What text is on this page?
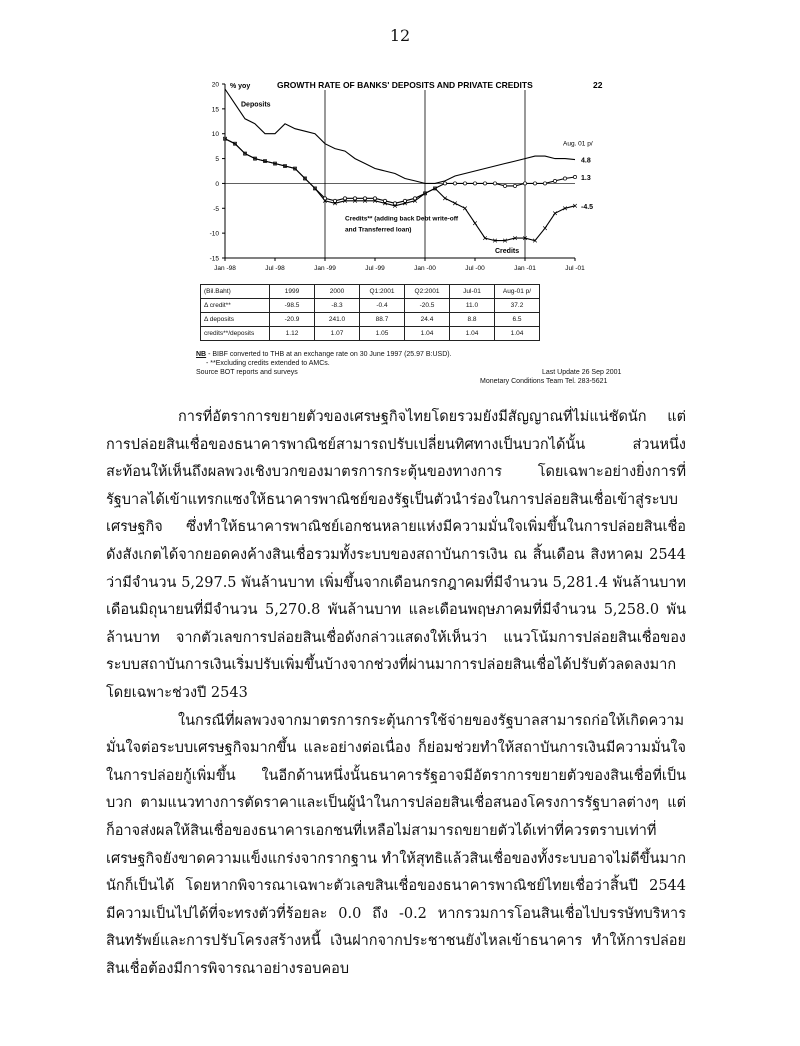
12
20
15
10
5
0
-5
-10
-15
Jan -98	Jul -98	Jan -99	Jul -99	Jan -00	Jul -00	Jan -01	Jul -01
% yoy	GROWTH RATE OF BANKS' DEPOSITS AND PRIVATE CREDITS	22
Aug. 01 p/
4.8
1.3
-4.5
Deposits
Credits** (adding back Debt write-off
and Transferred loan)
Credits
(Bil.Baht)	1999	2000	Q1:2001	Q2:2001	Jul-01	Aug-01 p/
Δ credit**	-98.5	-8.3	-0.4	-20.5	11.0	37.2
Δ deposits	-20.9	241.0	88.7	24.4	8.8	6.5
credits**/deposits	1.12	1.07	1.05	1.04	1.04	1.04
NB - BIBF converted to THB at an exchange rate on 30 June 1997 (25.97 B:USD).
- **Excluding credits extended to AMCs.
Source BOT reports and surveys	Last Update 26 Sep 2001
Monetary Conditions Team Tel. 283-5621

การที่อัตราการขยายตัวของเศรษฐกิจไทยโดยรวมยังมีสัญญาณที่ไม่แน่ชัดนัก แต่การปล่อยสินเชื่อของธนาคารพาณิชย์สามารถปรับเปลี่ยนทิศทางเป็นบวกได้นั้น ส่วนหนึ่งสะท้อนให้เห็นถึงผลพวงเชิงบวกของมาตรการกระตุ้นของทางการ โดยเฉพาะอย่างยิ่งการที่รัฐบาลได้เข้าแทรกแซงให้ธนาคารพาณิชย์ของรัฐเป็นตัวนำร่องในการปล่อยสินเชื่อเข้าสู่ระบบเศรษฐกิจ ซึ่งทำให้ธนาคารพาณิชย์เอกชนหลายแห่งมีความมั่นใจเพิ่มขึ้นในการปล่อยสินเชื่อ ดังสังเกตได้จากยอดคงค้างสินเชื่อรวมทั้งระบบของสถาบันการเงิน ณ สิ้นเดือน สิงหาคม 2544 ว่ามีจำนวน 5,297.5 พันล้านบาท เพิ่มขึ้นจากเดือนกรกฎาคมที่มีจำนวน 5,281.4 พันล้านบาท เดือนมิถุนายนที่มีจำนวน 5,270.8 พันล้านบาท และเดือนพฤษภาคมที่มีจำนวน 5,258.0 พันล้านบาท จากตัวเลขการปล่อยสินเชื่อดังกล่าวแสดงให้เห็นว่า แนวโน้มการปล่อยสินเชื่อของระบบสถาบันการเงินเริ่มปรับเพิ่มขึ้นบ้างจากช่วงที่ผ่านมาการปล่อยสินเชื่อได้ปรับตัวลดลงมาก โดยเฉพาะช่วงปี 2543

ในกรณีที่ผลพวงจากมาตรการกระตุ้นการใช้จ่ายของรัฐบาลสามารถก่อให้เกิดความมั่นใจต่อระบบเศรษฐกิจมากขึ้น และอย่างต่อเนื่อง ก็ย่อมช่วยทำให้สถาบันการเงินมีความมั่นใจในการปล่อยกู้เพิ่มขึ้น ในอีกด้านหนึ่งนั้นธนาคารรัฐอาจมีอัตราการขยายตัวของสินเชื่อที่เป็นบวก ตามแนวทางการตัดราคาและเป็นผู้นำในการปล่อยสินเชื่อสนองโครงการรัฐบาลต่างๆ แต่ก็อาจส่งผลให้สินเชื่อของธนาคารเอกชนที่เหลือไม่สามารถขยายตัวได้เท่าที่ควรตราบเท่าที่เศรษฐกิจยังขาดความแข็งแกร่งจากรากฐาน ทำให้สุทธิแล้วสินเชื่อของทั้งระบบอาจไม่ดีขึ้นมากนักก็เป็นได้ โดยหากพิจารณาเฉพาะตัวเลขสินเชื่อของธนาคารพาณิชย์ไทยเชื่อว่าสิ้นปี 2544 มีความเป็นไปได้ที่จะทรงตัวที่ร้อยละ 0.0 ถึง -0.2 หากรวมการโอนสินเชื่อไปบรรษัทบริหารสินทรัพย์และการปรับโครงสร้างหนี้ เงินฝากจากประชาชนยังไหลเข้าธนาคาร ทำให้การปล่อยสินเชื่อต้องมีการพิจารณาอย่างรอบคอบ
